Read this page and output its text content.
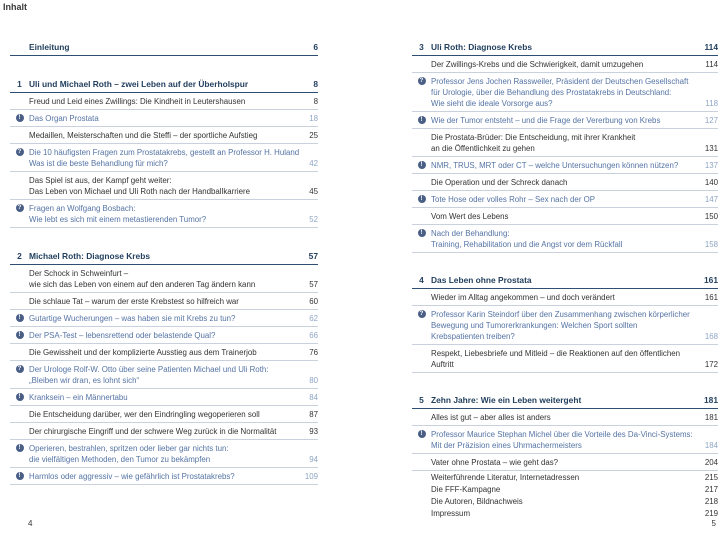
Inhalt
Einleitung	6
1 Uli und Michael Roth – zwei Leben auf der Überholspur	8
Freud und Leid eines Zwillings: Die Kindheit in Leutershausen	8
!	Das Organ Prostata	18
Medaillen, Meisterschaften und die Steffi – der sportliche Aufstieg	25
? Die 10 häufigsten Fragen zum Prostatakrebs, gestellt an Professor H. Huland
Was ist die beste Behandlung für mich?	42
Das Spiel ist aus, der Kampf geht weiter:
Das Leben von Michael und Uli Roth nach der Handballkarriere	45
? Fragen an Wolfgang Bosbach:
Wie lebt es sich mit einem metastierenden Tumor?	52
2 Michael Roth: Diagnose Krebs	57
Der Schock in Schweinfurt –
wie sich das Leben von einem auf den anderen Tag ändern kann	57
Die schlaue Tat – warum der erste Krebstest so hilfreich war	60
!	Gutartige Wucherungen – was haben sie mit Krebs zu tun?	62
!	Der PSA-Test – lebensrettend oder belastende Qual?	66
Die Gewissheit und der komplizierte Ausstieg aus dem Trainerjob	76
? Der Urologe Rolf-W. Otto über seine Patienten Michael und Uli Roth:
„Bleiben wir dran, es lohnt sich“	80
!	Kranksein – ein Männertabu	84
Die Entscheidung darüber, wer den Eindringling wegoperieren soll	87
Der chirurgische Eingriff und der schwere Weg zurück in die Normalität	93
!	Operieren, bestrahlen, spritzen oder lieber gar nichts tun:
die vielfältigen Methoden, den Tumor zu bekämpfen	94
!	Harmlos oder aggressiv – wie gefährlich ist Prostatakrebs?	109
3 Uli Roth: Diagnose Krebs	114
Der Zwillings-Krebs und die Schwierigkeit, damit umzugehen	114
? Professor Jens Jochen Rassweiler, Präsident der Deutschen Gesellschaft
für Urologie, über die Behandlung des Prostatakrebs in Deutschland:
Wie sieht die ideale Vorsorge aus?	118
!	Wie der Tumor entsteht – und die Frage der Vererbung von Krebs	127
Die Prostata-Brüder: Die Entscheidung, mit ihrer Krankheit
an die Öffentlichkeit zu gehen	131
!	NMR, TRUS, MRT oder CT – welche Untersuchungen können nützen?	137
Die Operation und der Schreck danach	140
!	Tote Hose oder volles Rohr – Sex nach der OP	147
Vom Wert des Lebens	150
!	Nach der Behandlung:
Training, Rehabilitation und die Angst vor dem Rückfall	158
4 Das Leben ohne Prostata	161
Wieder im Alltag angekommen – und doch verändert	161
? Professor Karin Steindorf über den Zusammenhang zwischen körperlicher
Bewegung und Tumorerkrankungen: Welchen Sport sollten
Krebspatienten treiben?	168
Respekt, Liebesbriefe und Mitleid – die Reaktionen auf den öffentlichen Auftritt	172
5 Zehn Jahre: Wie ein Leben weitergeht	181
Alles ist gut – aber alles ist anders	181
!	Professor Maurice Stephan Michel über die Vorteile des Da-Vinci-Systems:
Mit der Präzision eines Uhrmachermeisters	184
Vater ohne Prostata – wie geht das?	204
Weiterführende Literatur, Internetadressen	215
Die FFF-Kampagne	217
Die Autoren, Bildnachweis	218
Impressum	219
4	5
